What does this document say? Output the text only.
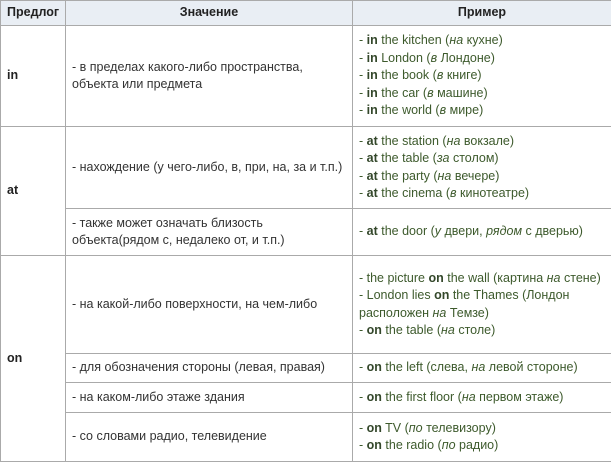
Предлог	Значение	Пример
in	- в пределах какого-либо пространства, объекта или предмета	- in the kitchen (на кухне)
- in London (в Лондоне)
- in the book (в книге)
- in the car (в машине)
- in the world (в мире)

at	- нахождение (у чего-либо, в, при, на, за и т.п.)	- at the station (на вокзале)
- at the table (за столом)
- at the party (на вечере)
- at the cinema (в кинотеатре)

	- также может означать близость объекта(рядом с, недалеко от, и т.п.)	- at the door (у двери, рядом с дверью)

on	- на какой-либо поверхности, на чем-либо	- the picture on the wall (картина на стене)
- London lies on the Thames (Лондон расположен на Темзе)
- on the table (на столе)

	- для обозначения стороны (левая, правая)	- on the left (слева, на левой стороне)

	- на каком-либо этаже здания	- on the first floor (на первом этаже)

	- со словами радио, телевидение	- on TV (по телевизору)
- on the radio (по радио)
